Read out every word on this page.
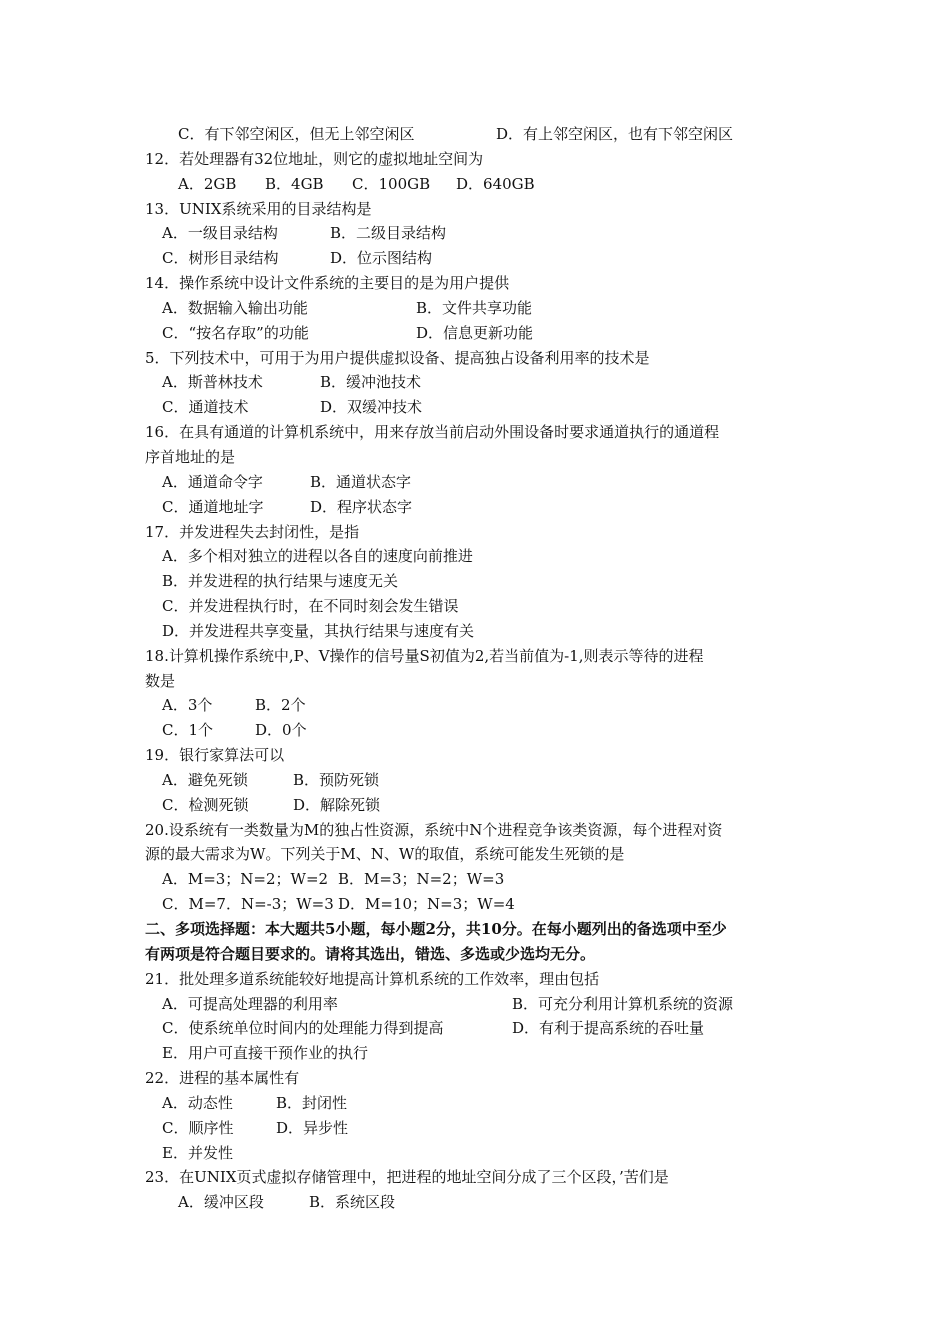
C．有下邻空闲区，但无上邻空闲区	D．有上邻空闲区，也有下邻空闲区
12．若处理器有32位地址，则它的虚拟地址空间为
A．2GB B．4GB C．100GB D．640GB
13．UNIX系统采用的目录结构是
A．一级目录结构	B．二级目录结构
C．树形目录结构	D．位示图结构
14．操作系统中设计文件系统的主要目的是为用户提供
A．数据输入输出功能	B．文件共享功能
C．“按名存取”的功能	D．信息更新功能
5．下列技术中，可用于为用户提供虚拟设备、提高独占设备利用率的技术是
A．斯普林技术	B．缓冲池技术
C．通道技术	D．双缓冲技术
16．在具有通道的计算机系统中，用来存放当前启动外围设备时要求通道执行的通道程
序首地址的是
A．通道命令字	B．通道状态字
C．通道地址字	D．程序状态字
17．并发进程失去封闭性，是指
A．多个相对独立的进程以各自的速度向前推进
B．并发进程的执行结果与速度无关
C．并发进程执行时，在不同时刻会发生错误
D．并发进程共享变量，其执行结果与速度有关
18.计算机操作系统中,P、V操作的信号量S初值为2,若当前值为-1,则表示等待的进程
数是
A．3个	B．2个
C．1个	D．0个
19．银行家算法可以
A．避免死锁	B．预防死锁
C．检测死锁	D．解除死锁
20.设系统有一类数量为M的独占性资源，系统中N个进程竞争该类资源，每个进程对资
源的最大需求为W。下列关于M、N、W的取值，系统可能发生死锁的是
A．M=3；N=2；W=2 B．M=3；N=2；W=3
C．M=7．N=-3；W=3 D．M=10；N=3；W=4
二、多项选择题：本大题共5小题，每小题2分，共10分。在每小题列出的备选项中至少
有两项是符合题目要求的。请将其选出，错选、多选或少选均无分。
21．批处理多道系统能较好地提高计算机系统的工作效率，理由包括
A．可提高处理器的利用率	B．可充分利用计算机系统的资源
C．使系统单位时间内的处理能力得到提高	D．有利于提高系统的吞吐量
E．用户可直接干预作业的执行
22．进程的基本属性有
A．动态性	B．封闭性
C．顺序性	D．异步性
E．并发性
23．在UNIX页式虚拟存储管理中，把进程的地址空间分成了三个区段，’苦们是
A．缓冲区段	B．系统区段
